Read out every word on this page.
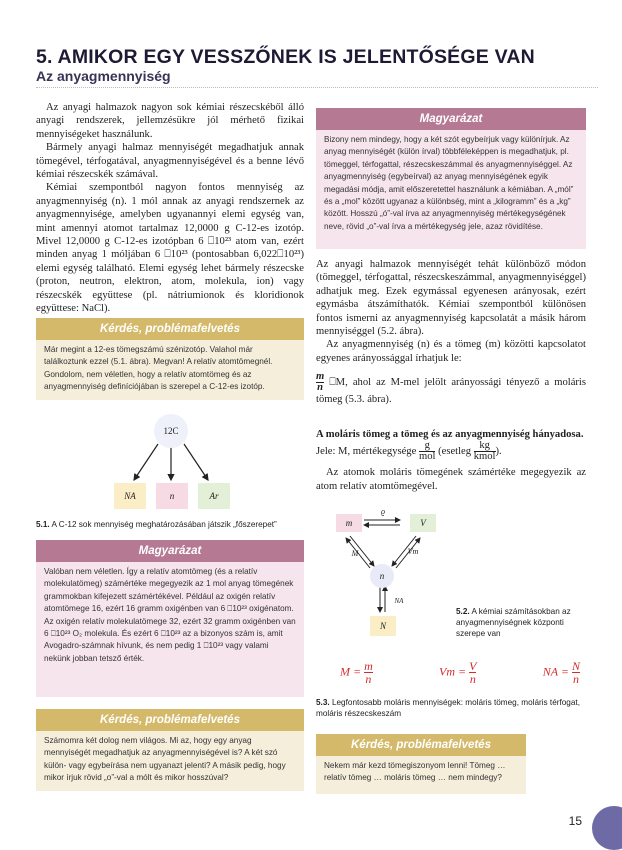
5. AMIKOR EGY VESSZŐNEK IS JELENTŐSÉGE VAN
Az anyagmennyiség

Az anyagi halmazok nagyon sok kémiai részecskéből álló anyagi rendszerek, jellemzésükre jól mérhető fizikai mennyiségeket használunk.

Bármely anyagi halmaz mennyiségét megadhatjuk annak tömegével, térfogatával, anyagmennyiségével és a benne lévő kémiai részecskék számával.

Kémiai szempontból nagyon fontos mennyiség az anyagmennyiség (n). 1 mól annak az anyagi rendszernek az anyagmennyisége, amelyben ugyanannyi elemi egység van, mint amennyi atomot tartalmaz 12,0000 g C-12-es izotóp. Mivel 12,0000 g C-12-es izotópban 6 ⎕10²³ atom van, ezért minden anyag 1 móljában 6 ⎕10²³ (pontosabban 6,022⎕10²³) elemi egység található. Elemi egység lehet bármely részecske (proton, neutron, elektron, atom, molekula, ion) vagy részecskék együttese (pl. nátriumionok és kloridionok együttese: NaCl).

Kérdés, problémafelvetés
Már megint a 12-es tömegszámú szénizotóp. Valahol már találkoztunk ezzel (5.1. ábra). Megvan! A relatív atomtömegnél. Gondolom, nem véletlen, hogy a relatív atomtömeg és az anyagmennyiség definíciójában is szerepel a C-12-es izotóp.
12C
NA	n	Ar
5.1. A C-12 sok mennyiség meghatározásában játszik „főszerepet”
Magyarázat
Valóban nem véletlen. Így a relatív atomtömeg (és a relatív molekulatömeg) számértéke megegyezik az 1 mol anyag tömegének grammokban kifejezett számértékével. Például az oxigén relatív atomtömege 16, ezért 16 gramm oxigénben van 6 ⎕10²³ oxigénatom. Az oxigén relatív molekulatömege 32, ezért 32 gramm oxigénben van 6 ⎕10²³ O₂ molekula. És ezért 6 ⎕10²³ az a bizonyos szám is, amit Avogadro-számnak hívunk, és nem pedig 1 ⎕10²³ vagy valami nekünk jobban tetsző érték.
Kérdés, problémafelvetés
Számomra két dolog nem világos. Mi az, hogy egy anyag mennyiségét megadhatjuk az anyagmennyiségével is? A két szó külön- vagy egybeírása nem ugyanazt jelenti? A másik pedig, hogy mikor írjuk rövid „o”-val a mólt és mikor hosszúval?
Magyarázat
Bizony nem mindegy, hogy a két szót egybeírjuk vagy különírjuk. Az anyag mennyiségét (külön írval) többféleképpen is megadhatjuk, pl. tömeggel, térfogattal, részecskeszámmal és anyagmennyiséggel. Az anyagmennyiség (egybeírval) az anyag mennyiségének egyik megadási módja, amit előszeretettel használunk a kémiában. A „mól” és a „mol” között ugyanaz a különbség, mint a „kilogramm” és a „kg” között. Hosszú „ó”-val írva az anyagmennyiség mértékegységének neve, rövid „o”-val írva a mértékegység jele, azaz rövidítése.

Az anyagi halmazok mennyiségét tehát különböző módon (tömeggel, térfogattal, részecskeszámmal, anyagmennyiséggel) adhatjuk meg. Ezek egymással egyenesen arányosak, ezért egymásba átszámíthatók. Kémiai szempontból különösen fontos ismerni az anyagmennyiség kapcsolatát a másik három mennyiséggel (5.2. ábra).

Az anyagmennyiség (n) és a tömeg (m) közötti kapcsolatot egyenes arányossággal írhatjuk le:

$\frac{m}{n}$ ⎕M, ahol az M-mel jelölt arányossági tényező a moláris tömeg (5.3. ábra).

A moláris tömeg a tömeg és az anyagmennyiség hányadosa.

Jele: M, mértékegysége
g
mol (esetleg
kg
kmol ).

Az atomok moláris tömegének számértéke megegyezik az atom relatív atomtömegével.

m	V
n
N
ϱ
M	Vm
NA
5.2. A kémiai számításokban az anyagmennyiségnek központi szerepe van
$M = \frac{m}{n}$	$Vm = \frac{V}{n}$	NA = $\frac{N}{n}$
5.3. Legfontosabb moláris mennyiségek: moláris tömeg, moláris térfogat, moláris részecskeszám
Kérdés, problémafelvetés
Nekem már kezd tömegiszonyom lenni! Tömeg … relatív tömeg … moláris tömeg … nem mindegy?
15
